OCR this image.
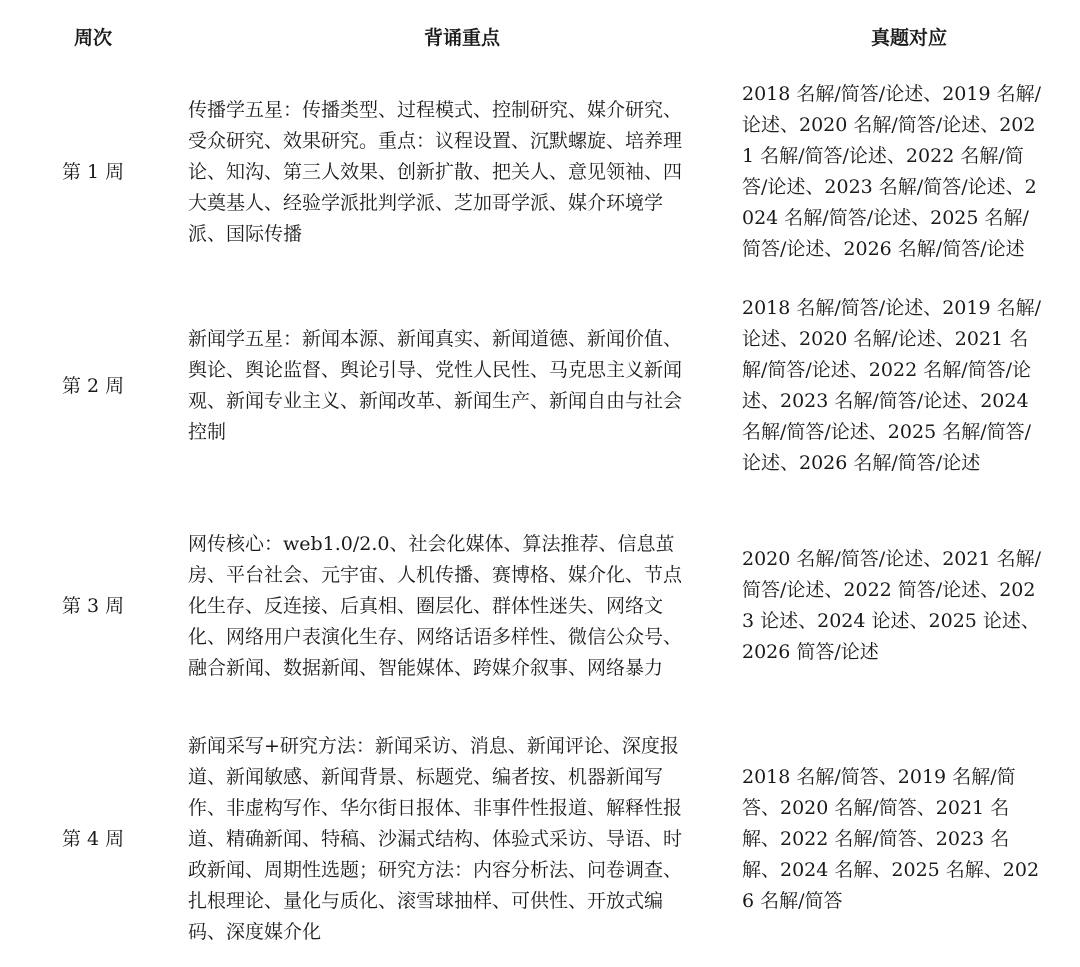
周次	背诵重点	真题对应
第 1 周	传播学五星：传播类型、过程模式、控制研究、媒介研究、受众研究、效果研究。重点：议程设置、沉默螺旋、培养理论、知沟、第三人效果、创新扩散、把关人、意见领袖、四大奠基人、经验学派批判学派、芝加哥学派、媒介环境学派、国际传播	2018 名解/简答/论述、2019 名解/论述、2020 名解/简答/论述、2021 名解/简答/论述、2022 名解/简答/论述、2023 名解/简答/论述、2024 名解/简答/论述、2025 名解/简答/论述、2026 名解/简答/论述

第 2 周	新闻学五星：新闻本源、新闻真实、新闻道德、新闻价值、舆论、舆论监督、舆论引导、党性人民性、马克思主义新闻观、新闻专业主义、新闻改革、新闻生产、新闻自由与社会控制	2018 名解/简答/论述、2019 名解/论述、2020 名解/论述、2021 名解/简答/论述、2022 名解/简答/论述、2023 名解/简答/论述、2024 名解/简答/论述、2025 名解/简答/论述、2026 名解/简答/论述

第 3 周	网传核心：web1.0/2.0、社会化媒体、算法推荐、信息茧房、平台社会、元宇宙、人机传播、赛博格、媒介化、节点化生存、反连接、后真相、圈层化、群体性迷失、网络文化、网络用户表演化生存、网络话语多样性、微信公众号、融合新闻、数据新闻、智能媒体、跨媒介叙事、网络暴力	2020 名解/简答/论述、2021 名解/简答/论述、2022 简答/论述、2023 论述、2024 论述、2025 论述、2026 简答/论述

第 4 周	新闻采写+研究方法：新闻采访、消息、新闻评论、深度报道、新闻敏感、新闻背景、标题党、编者按、机器新闻写作、非虚构写作、华尔街日报体、非事件性报道、解释性报道、精确新闻、特稿、沙漏式结构、体验式采访、导语、时政新闻、周期性选题；研究方法：内容分析法、问卷调查、扎根理论、量化与质化、滚雪球抽样、可供性、开放式编码、深度媒介化	2018 名解/简答、2019 名解/简答、2020 名解/简答、2021 名解、2022 名解/简答、2023 名解、2024 名解、2025 名解、2026 名解/简答
